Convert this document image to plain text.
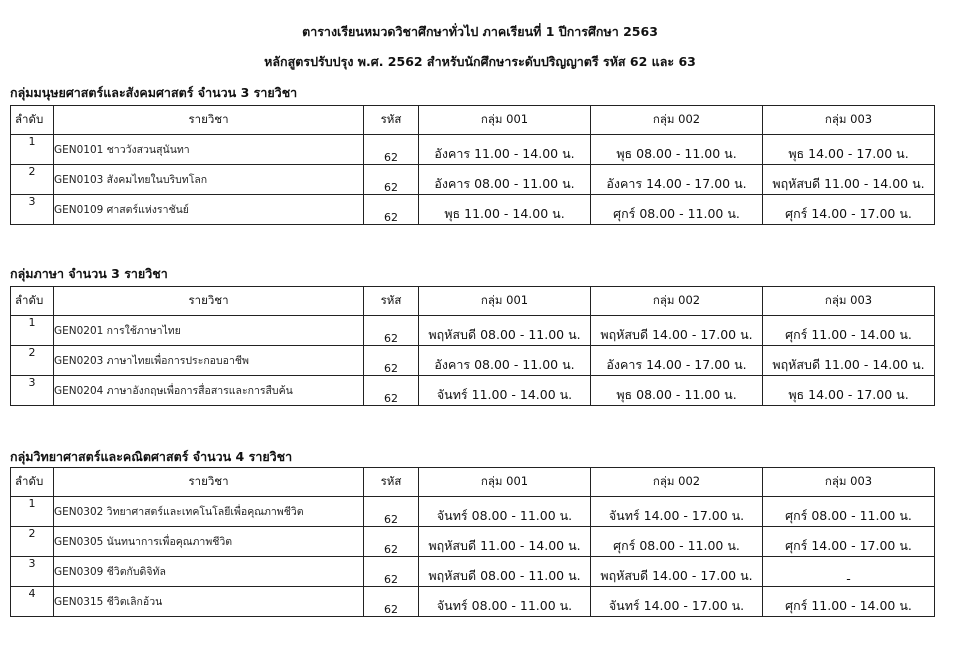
ตารางเรียนหมวดวิชาศึกษาทั่วไป ภาคเรียนที่ 1 ปีการศึกษา 2563
หลักสูตรปรับปรุง พ.ศ. 2562 สำหรับนักศึกษาระดับปริญญาตรี รหัส 62 และ 63
กลุ่มมนุษยศาสตร์และสังคมศาสตร์ จำนวน 3 รายวิชา
ลำดับ	รายวิชา	รหัส	กลุ่ม 001	กลุ่ม 002	กลุ่ม 003
1	GEN0101 ชาววังสวนสุนันทา	62	อังคาร 11.00 - 14.00 น.	พุธ 08.00 - 11.00 น.	พุธ 14.00 - 17.00 น.
2	GEN0103 สังคมไทยในบริบทโลก	62	อังคาร 08.00 - 11.00 น.	อังคาร 14.00 - 17.00 น.	พฤหัสบดี 11.00 - 14.00 น.
3	GEN0109 ศาสตร์แห่งราชันย์	62	พุธ 11.00 - 14.00 น.	ศุกร์ 08.00 - 11.00 น.	ศุกร์ 14.00 - 17.00 น.
กลุ่มภาษา จำนวน 3 รายวิชา
ลำดับ	รายวิชา	รหัส	กลุ่ม 001	กลุ่ม 002	กลุ่ม 003
1	GEN0201 การใช้ภาษาไทย	62	พฤหัสบดี 08.00 - 11.00 น.	พฤหัสบดี 14.00 - 17.00 น.	ศุกร์ 11.00 - 14.00 น.
2	GEN0203 ภาษาไทยเพื่อการประกอบอาชีพ	62	อังคาร 08.00 - 11.00 น.	อังคาร 14.00 - 17.00 น.	พฤหัสบดี 11.00 - 14.00 น.
3	GEN0204 ภาษาอังกฤษเพื่อการสื่อสารและการสืบค้น	62	จันทร์ 11.00 - 14.00 น.	พุธ 08.00 - 11.00 น.	พุธ 14.00 - 17.00 น.
กลุ่มวิทยาศาสตร์และคณิตศาสตร์ จำนวน 4 รายวิชา
ลำดับ	รายวิชา	รหัส	กลุ่ม 001	กลุ่ม 002	กลุ่ม 003
1	GEN0302 วิทยาศาสตร์และเทคโนโลยีเพื่อคุณภาพชีวิต	62	จันทร์ 08.00 - 11.00 น.	จันทร์ 14.00 - 17.00 น.	ศุกร์ 08.00 - 11.00 น.
2	GEN0305 นันทนาการเพื่อคุณภาพชีวิต	62	พฤหัสบดี 11.00 - 14.00 น.	ศุกร์ 08.00 - 11.00 น.	ศุกร์ 14.00 - 17.00 น.
3	GEN0309 ชีวิตกับดิจิทัล	62	พฤหัสบดี 08.00 - 11.00 น.	พฤหัสบดี 14.00 - 17.00 น.	-
4	GEN0315 ชีวิตเลิกอ้วน	62	จันทร์ 08.00 - 11.00 น.	จันทร์ 14.00 - 17.00 น.	ศุกร์ 11.00 - 14.00 น.
